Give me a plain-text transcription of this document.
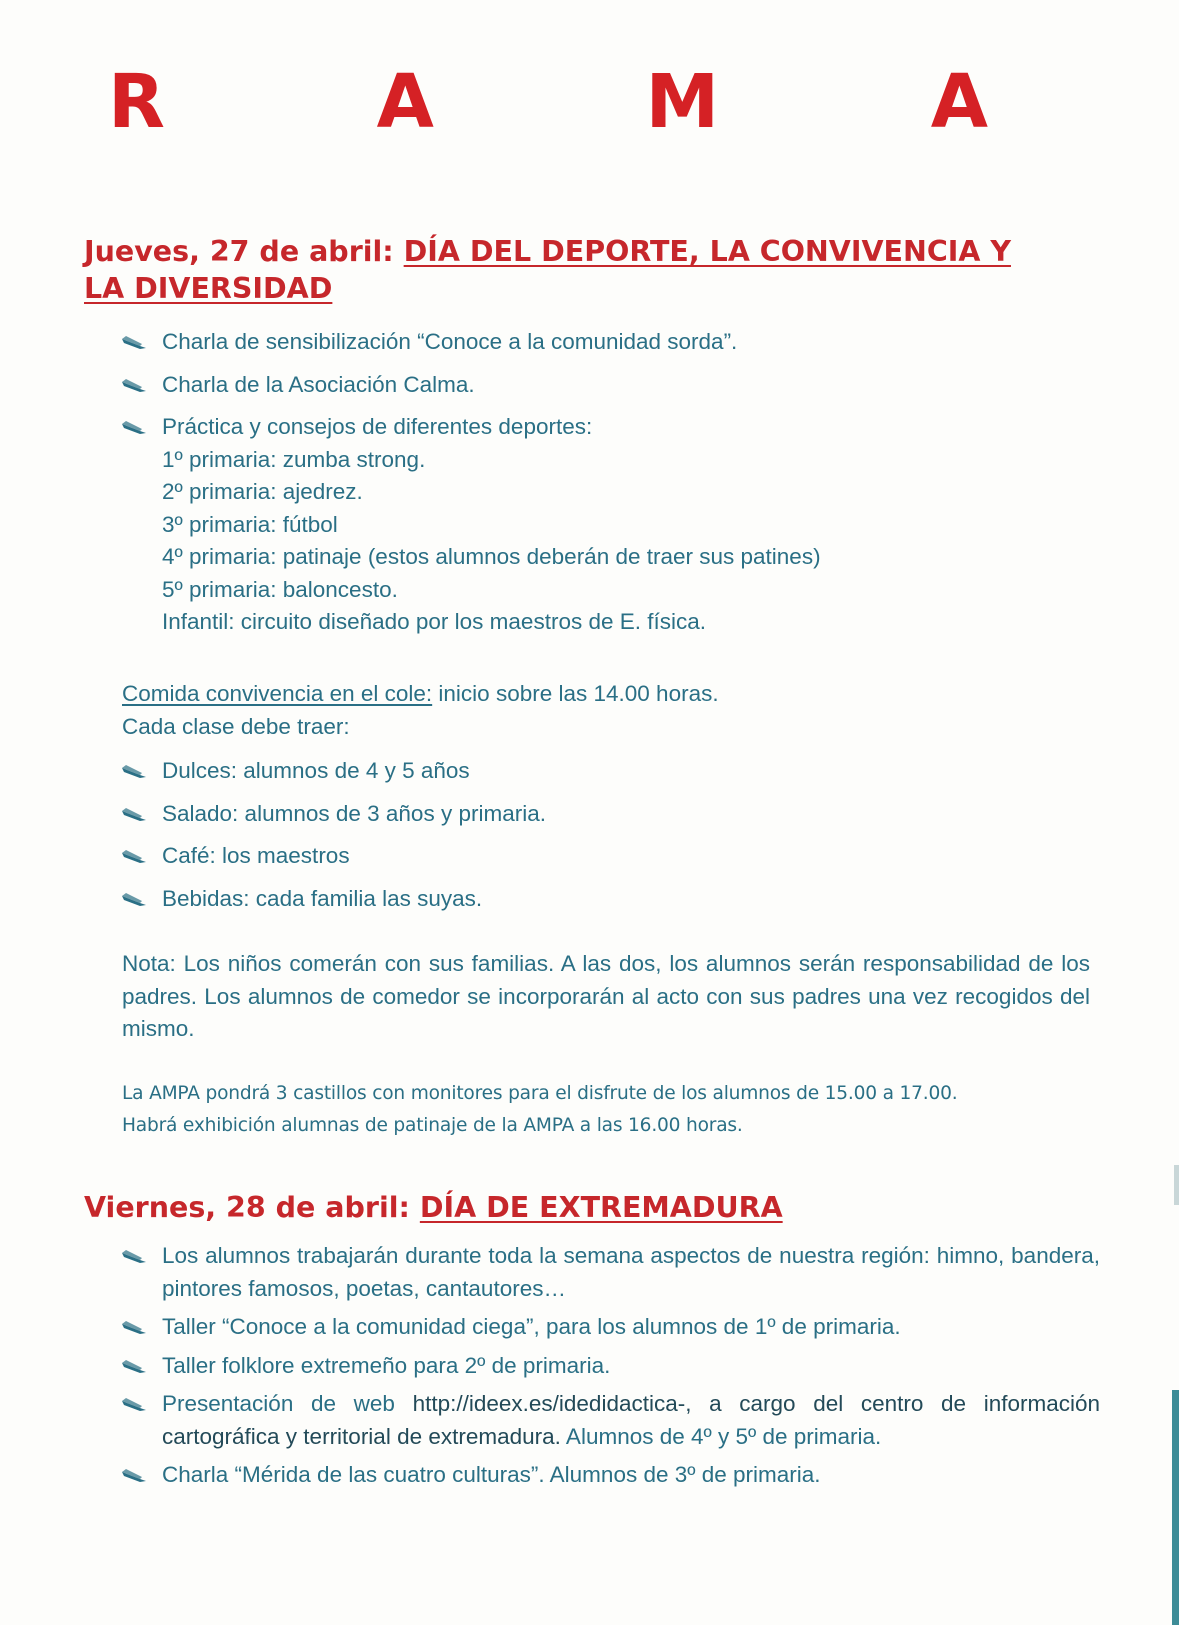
R	A	M	A
Jueves, 27 de abril: DÍA DEL DEPORTE, LA CONVIVENCIA Y
LA DIVERSIDAD
Charla de sensibilización “Conoce a la comunidad sorda”.
Charla de la Asociación Calma.
Práctica y consejos de diferentes deportes:
1º primaria: zumba strong.
2º primaria: ajedrez.
3º primaria: fútbol
4º primaria: patinaje (estos alumnos deberán de traer sus patines)
5º primaria: baloncesto.
Infantil: circuito diseñado por los maestros de E. física.

Comida convivencia en el cole: inicio sobre las 14.00 horas.
Cada clase debe traer:

Dulces: alumnos de 4 y 5 años
Salado: alumnos de 3 años y primaria.
Café: los maestros
Bebidas: cada familia las suyas.

Nota: Los niños comerán con sus familias. A las dos, los alumnos serán responsabilidad de los padres. Los alumnos de comedor se incorporarán al acto con sus padres una vez recogidos del mismo.

La AMPA pondrá 3 castillos con monitores para el disfrute de los alumnos de 15.00 a 17.00.
Habrá exhibición alumnas de patinaje de la AMPA a las 16.00 horas.

Viernes, 28 de abril: DÍA DE EXTREMADURA
Los alumnos trabajarán durante toda la semana aspectos de nuestra región: himno, bandera, pintores famosos, poetas, cantautores…
Taller “Conoce a la comunidad ciega”, para los alumnos de 1º de primaria.
Taller folklore extremeño para 2º de primaria.
Presentación de web http://ideex.es/idedidactica-, a cargo del centro de información cartográfica y territorial de extremadura. Alumnos de 4º y 5º de primaria.
Charla “Mérida de las cuatro culturas”. Alumnos de 3º de primaria.
